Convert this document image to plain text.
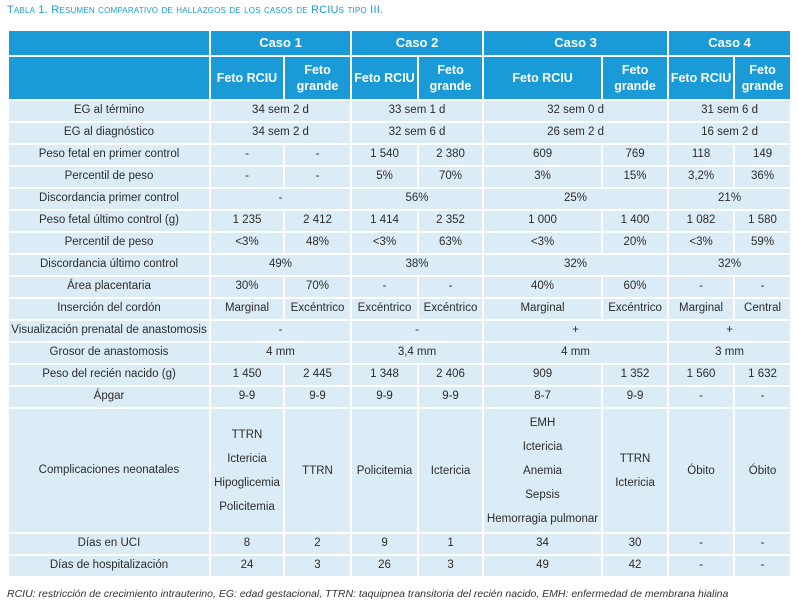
Tabla 1. Resumen comparativo de hallazgos de los casos de RCIUs tipo III.
	Caso 1		Caso 2		Caso 3		Caso 4	
	Feto RCIU	Feto grande	Feto RCIU	Feto grande	Feto RCIU	Feto grande	Feto RCIU	Feto grande
EG al término	34 sem 2 d		33 sem 1 d		32 sem 0 d		31 sem 6 d	
EG al diagnóstico	34 sem 2 d		32 sem 6 d		26 sem 2 d		16 sem 2 d	
Peso fetal en primer control	-	-	1 540	2 380	609	769	118	149
Percentil de peso	-	-	5%	70%	3%	15%	3,2%	36%
Discordancia primer control	-		56%		25%		21%	
Peso fetal último control (g)	1 235	2 412	1 414	2 352	1 000	1 400	1 082	1 580
Percentil de peso	<3%	48%	<3%	63%	<3%	20%	<3%	59%
Discordancia último control	49%		38%		32%		32%	
Área placentaria	30%	70%	-	-	40%	60%	-	-
Inserción del cordón	Marginal	Excéntrico	Excéntrico	Excéntrico	Marginal	Excéntrico	Marginal	Central
Visualización prenatal de anastomosis	-		-		+		+	
Grosor de anastomosis	4 mm		3,4 mm		4 mm		3 mm	
Peso del recién nacido (g)	1 450	2 445	1 348	2 406	909	1 352	1 560	1 632
Ápgar	9-9	9-9	9-9	9-9	8-7	9-9	-	-
Complicaciones neonatales	TTRN
Ictericia
Hipoglicemia
Policitemia	TTRN	Policitemia	Ictericia	EMH
Ictericia
Anemia
Sepsis
Hemorragia pulmonar	TTRN
Ictericia	Óbito	Óbito

Días en UCI	8	2	9	1	34	30	-	-
Días de hospitalización	24	3	26	3	49	42	-	-
RCIU: restricción de crecimiento intrauterino, EG: edad gestacional, TTRN: taquipnea transitoria del recién nacido, EMH: enfermedad de membrana hialina
